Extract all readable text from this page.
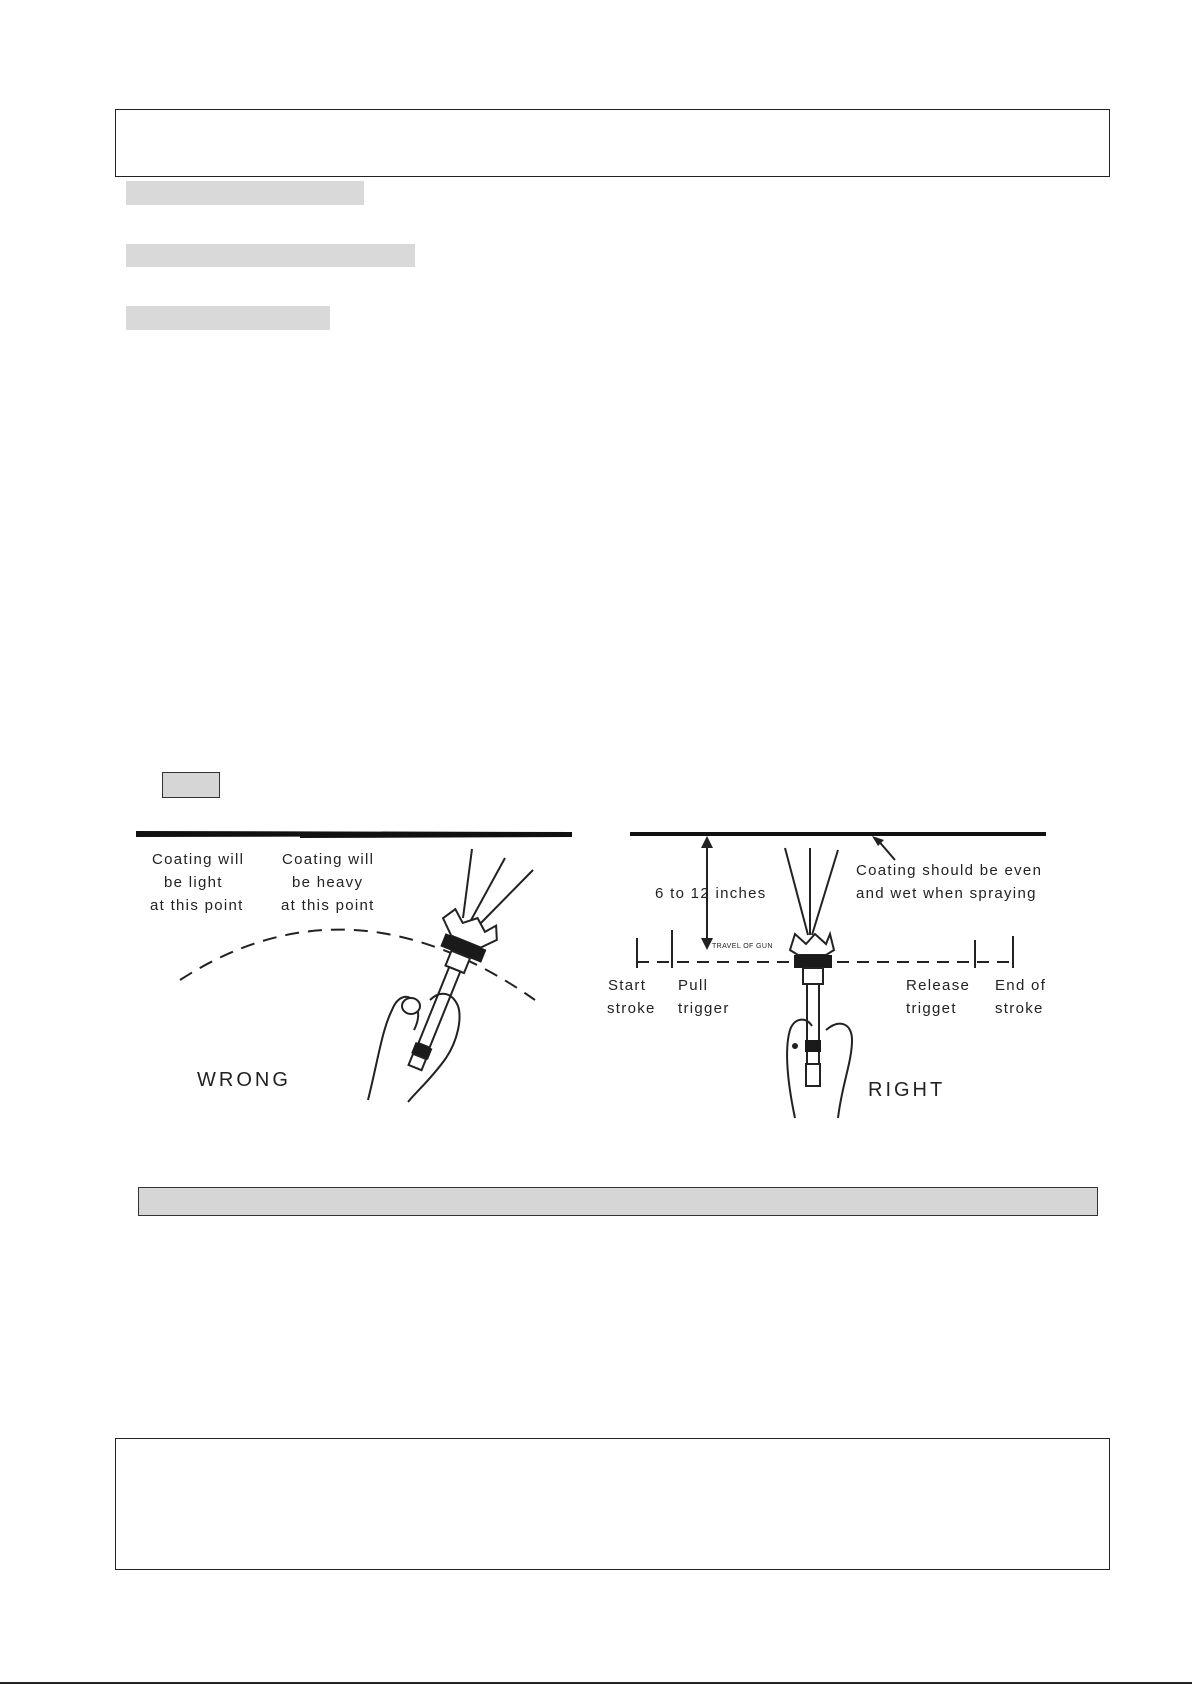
Coating will
be light
at this point
Coating will
be heavy
at this point
WRONG
6 to 12 inches
Coating should be even
and wet when spraying
TRAVEL OF GUN
Start
stroke
Pull
trigger
Release
trigget
End of
stroke
RIGHT
